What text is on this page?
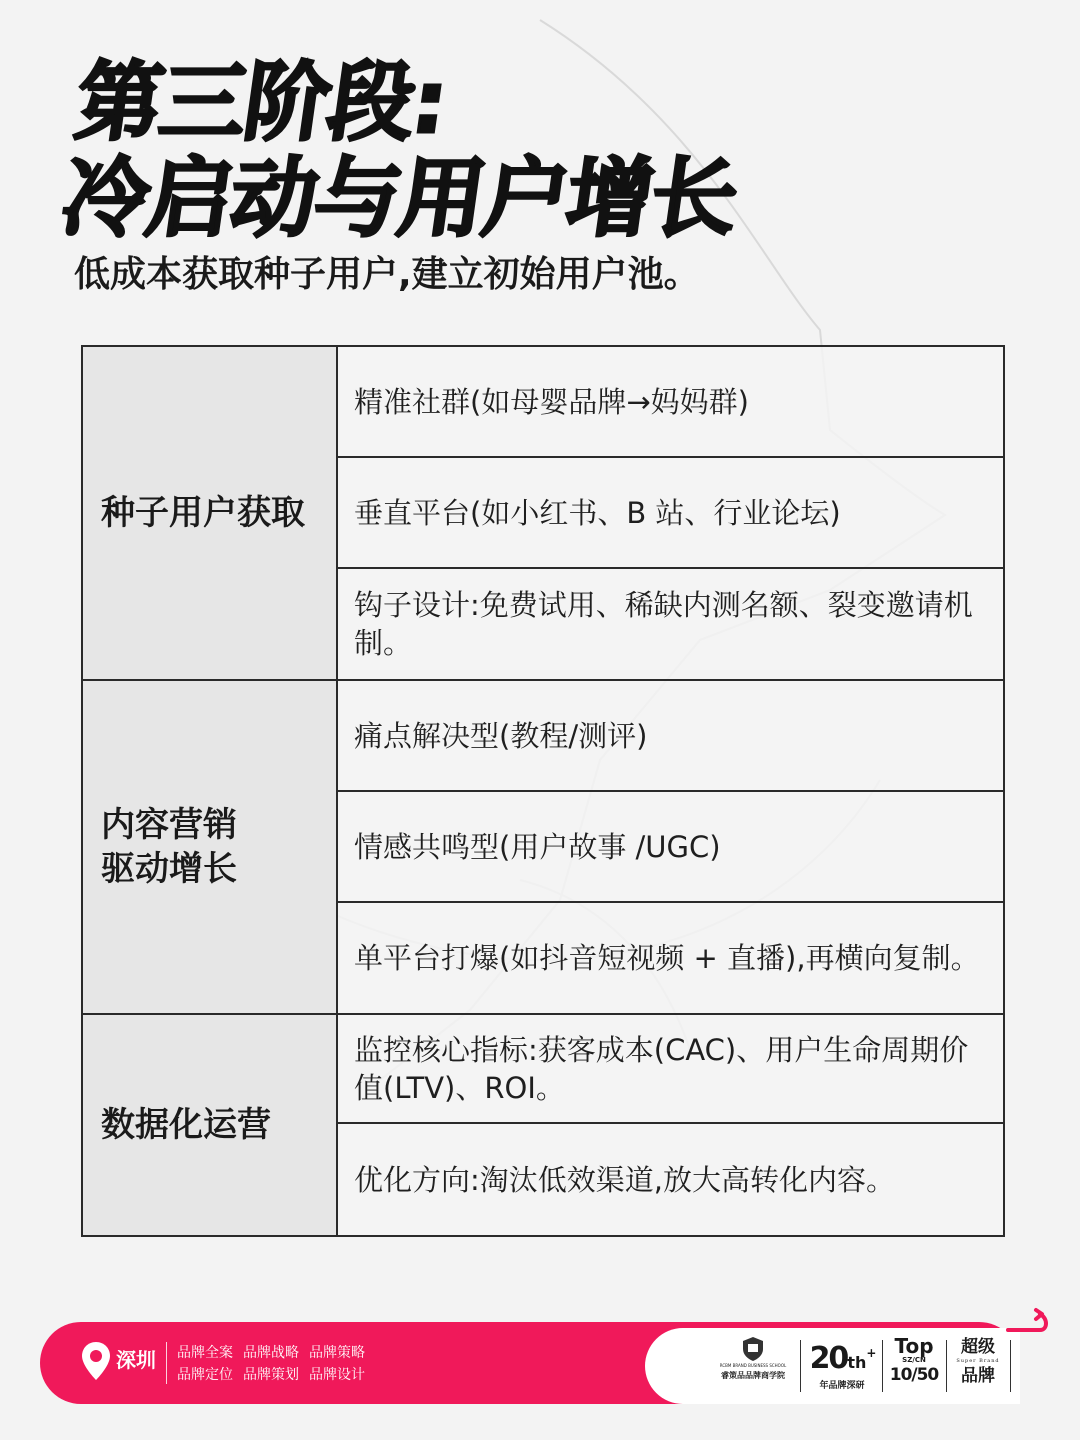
第三阶段:
冷启动与用户增长

低成本获取种子用户,建立初始用户池。

种子用户获取	精准社群(如母婴品牌→妈妈群)
	垂直平台(如小红书、B 站、行业论坛)
	钩子设计:免费试用、稀缺内测名额、裂变邀请机制。

内容营销驱动增长	痛点解决型(教程/测评)
	情感共鸣型(用户故事 /UGC)
	单平台打爆(如抖音短视频 + 直播),再横向复制。
数据化运营	监控核心指标:获客成本(CAC)、用户生命周期价值(LTV)、ROI。
	优化方向:淘汰低效渠道,放大高转化内容。
深圳 品牌全案 品牌战略 品牌策略 品牌定位 品牌策划 品牌设计
RCBM BRAND BUSINESS SCHOOL
睿策品品牌商学院 20th+
年品牌深研
Top
SZ/CN
10/50
超级
Super Brand
品牌
